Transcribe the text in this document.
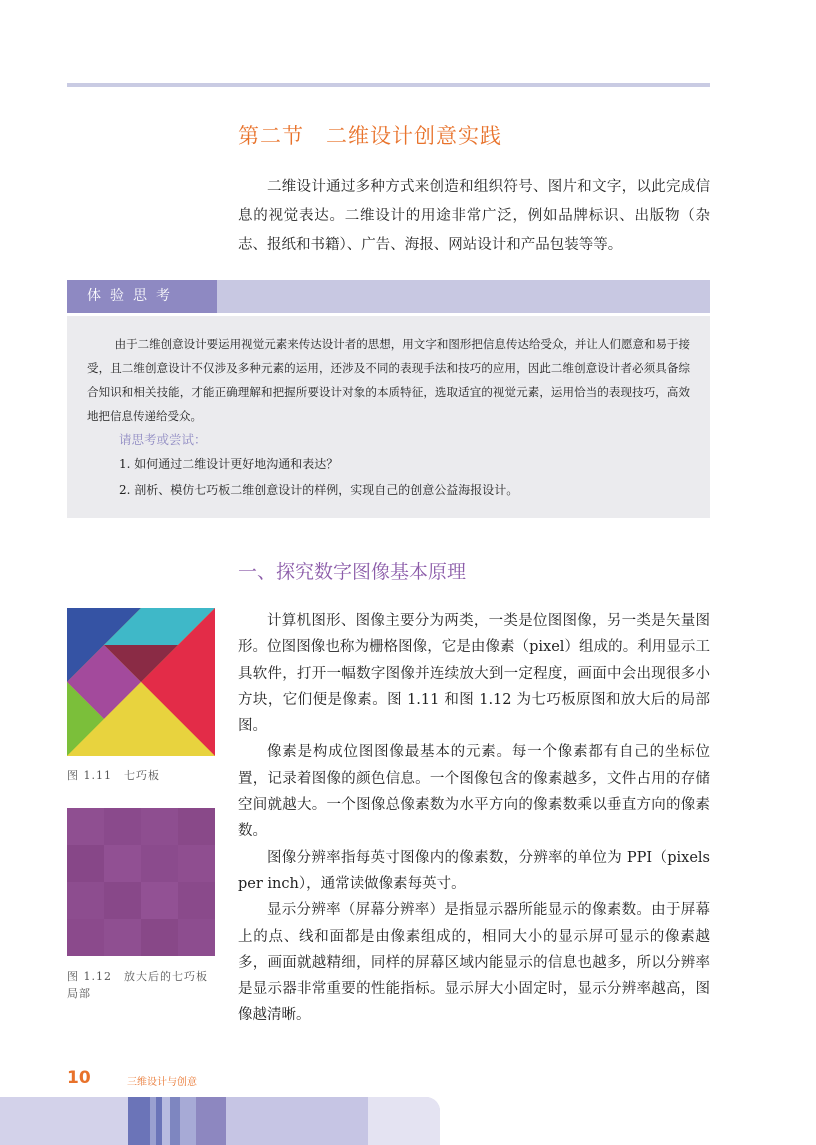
第二节　二维设计创意实践
二维设计通过多种方式来创造和组织符号、图片和文字，以此完成信息的视觉表达。二维设计的用途非常广泛，例如品牌标识、出版物（杂志、报纸和书籍）、广告、海报、网站设计和产品包装等等。
体验思考

由于二维创意设计要运用视觉元素来传达设计者的思想，用文字和图形把信息传达给受众，并让人们愿意和易于接受，且二维创意设计不仅涉及多种元素的运用，还涉及不同的表现手法和技巧的应用，因此二维创意设计者必须具备综合知识和相关技能，才能正确理解和把握所要设计对象的本质特征，选取适宜的视觉元素，运用恰当的表现技巧，高效地把信息传递给受众。

请思考或尝试：

1. 如何通过二维设计更好地沟通和表达？

2. 剖析、模仿七巧板二维创意设计的样例，实现自己的创意公益海报设计。

一、探究数字图像基本原理
图 1.11　七巧板
图 1.12　放大后的七巧板局部

计算机图形、图像主要分为两类，一类是位图图像，另一类是矢量图形。位图图像也称为栅格图像，它是由像素（pixel）组成的。利用显示工具软件，打开一幅数字图像并连续放大到一定程度，画面中会出现很多小方块，它们便是像素。图 1.11 和图 1.12 为七巧板原图和放大后的局部图。

像素是构成位图图像最基本的元素。每一个像素都有自己的坐标位置，记录着图像的颜色信息。一个图像包含的像素越多，文件占用的存储空间就越大。一个图像总像素数为水平方向的像素数乘以垂直方向的像素数。

图像分辨率指每英寸图像内的像素数，分辨率的单位为 PPI（pixels per inch），通常读做像素每英寸。

显示分辨率（屏幕分辨率）是指显示器所能显示的像素数。由于屏幕上的点、线和面都是由像素组成的，相同大小的显示屏可显示的像素越多，画面就越精细，同样的屏幕区域内能显示的信息也越多，所以分辨率是显示器非常重要的性能指标。显示屏大小固定时，显示分辨率越高，图像越清晰。

10	三维设计与创意
